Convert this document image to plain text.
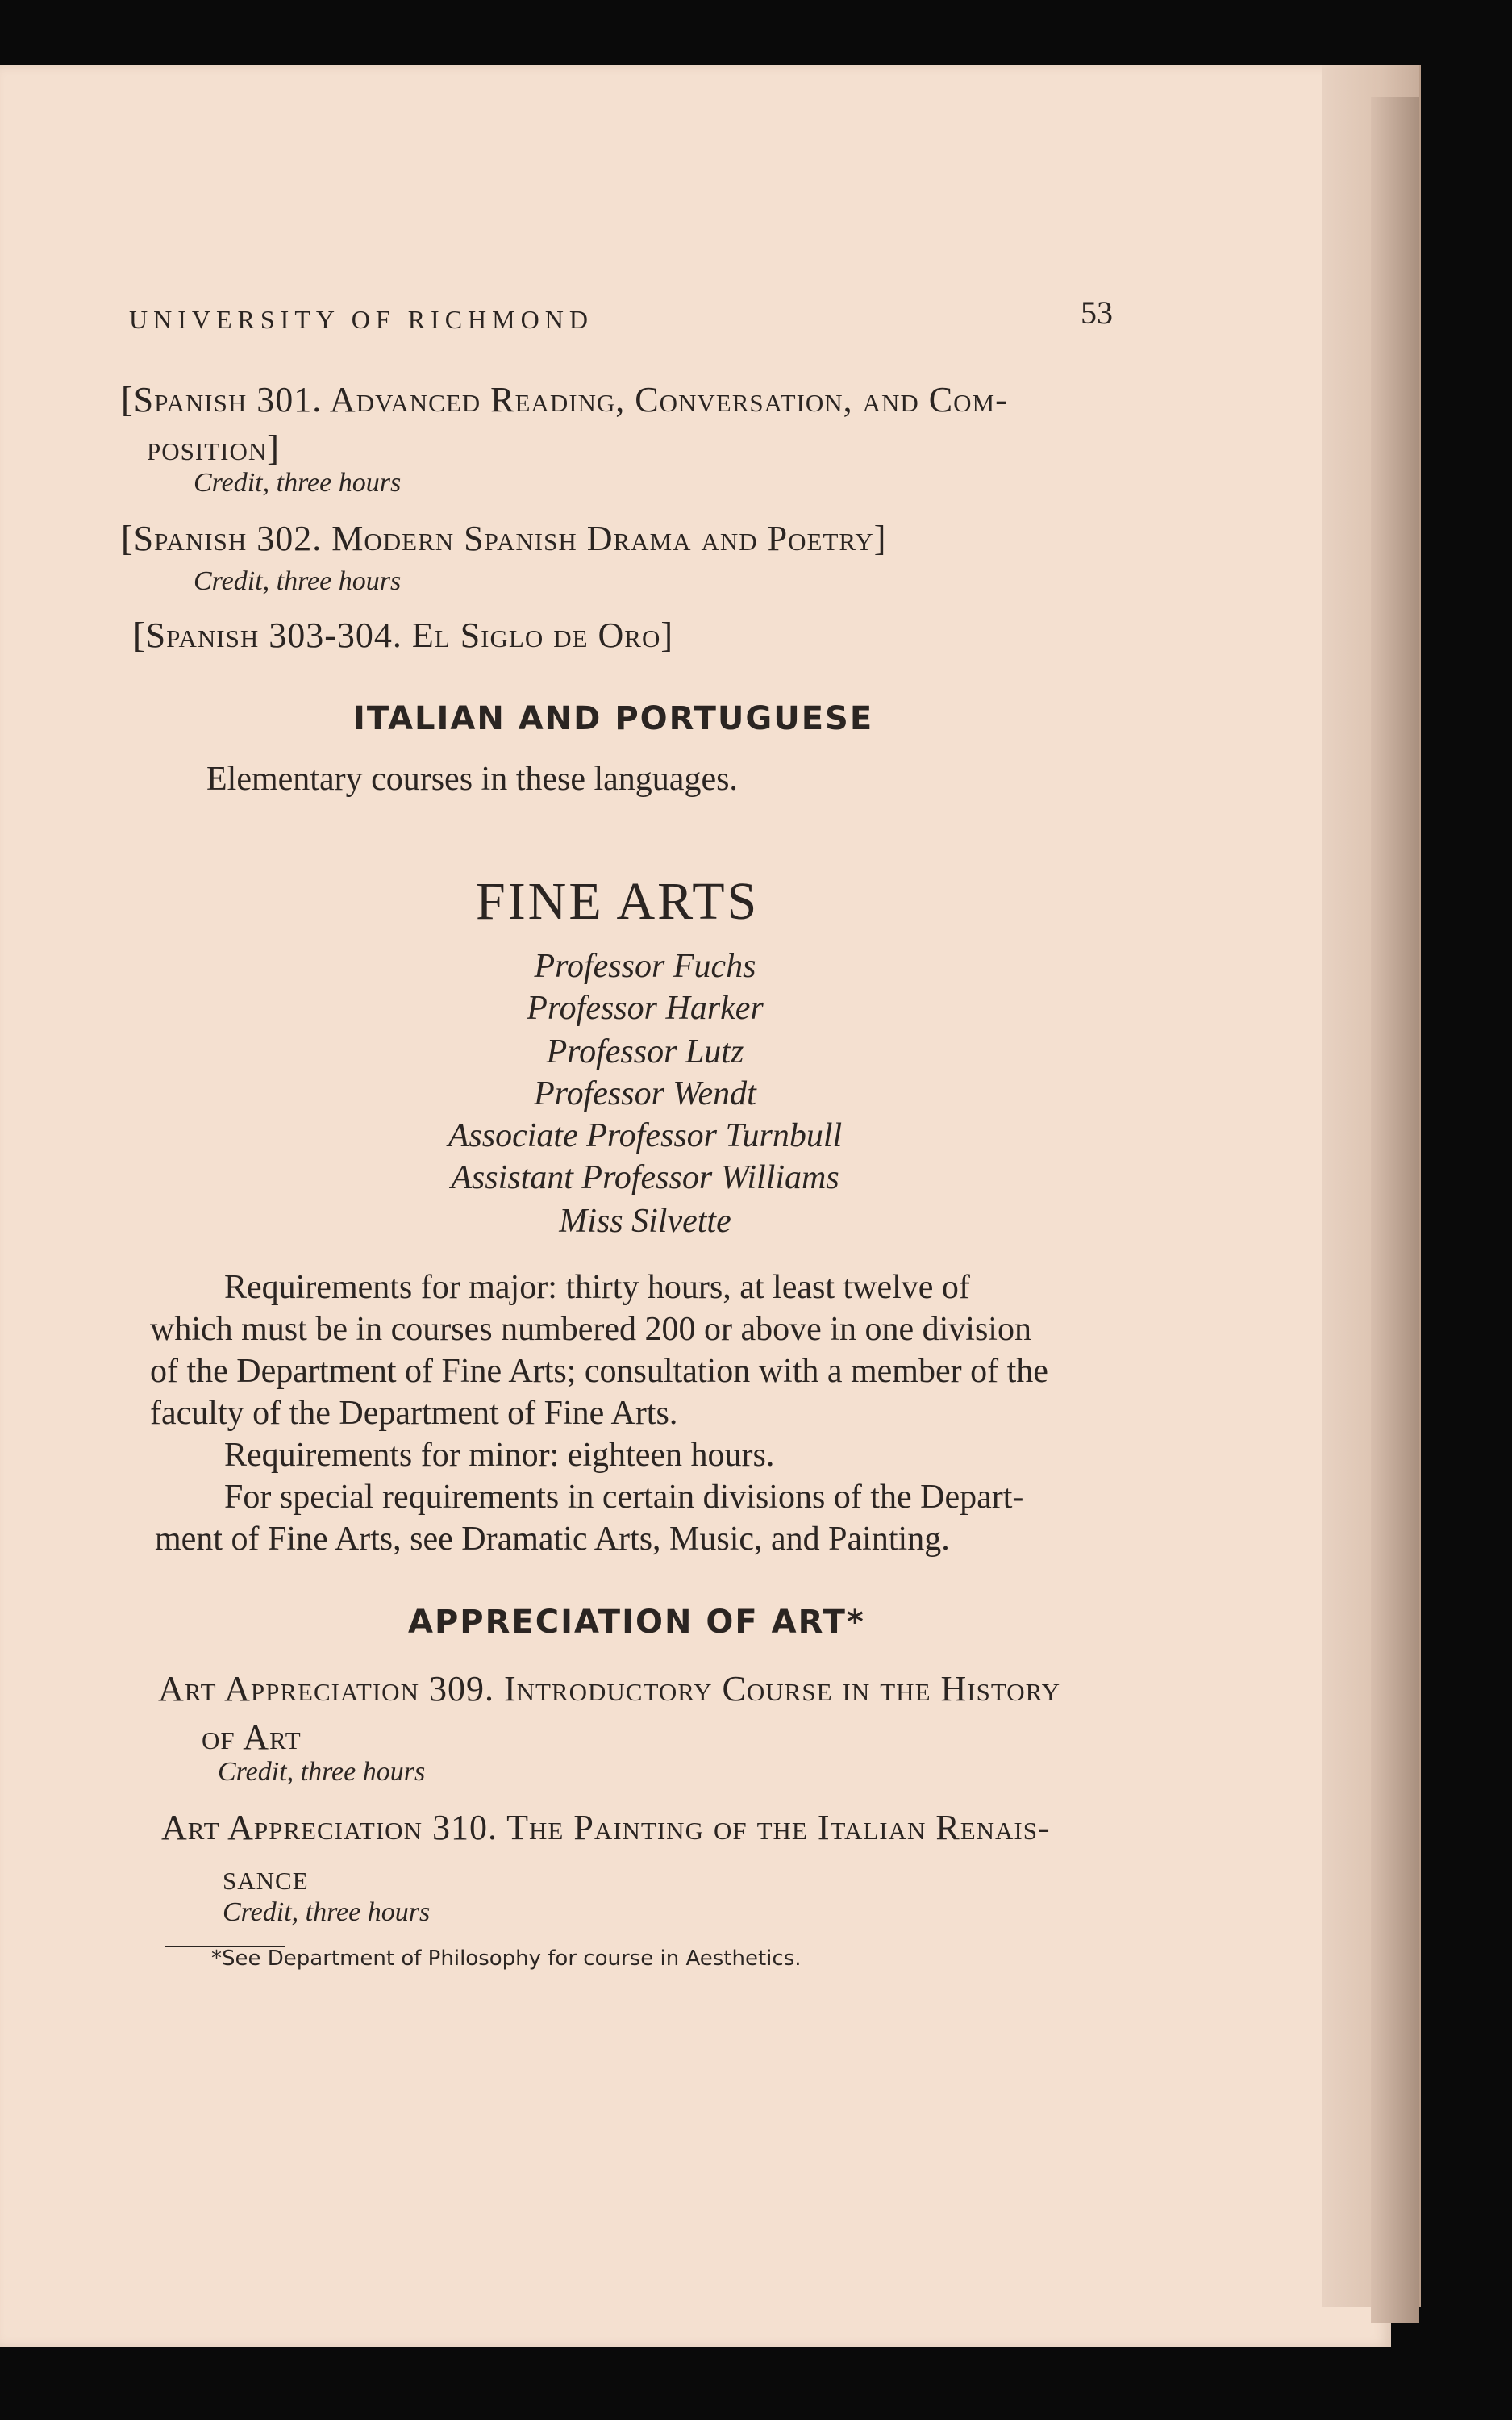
UNIVERSITY OF RICHMOND	53
[Spanish 301. Advanced Reading, Conversation, and Com-
position]
Credit, three hours
[Spanish 302. Modern Spanish Drama and Poetry]
Credit, three hours
[Spanish 303-304. El Siglo de Oro]
ITALIAN AND PORTUGUESE
Elementary courses in these languages.
FINE ARTS
Professor Fuchs
Professor Harker
Professor Lutz
Professor Wendt
Associate Professor Turnbull
Assistant Professor Williams
Miss Silvette
Requirements for major: thirty hours, at least twelve of
which must be in courses numbered 200 or above in one division
of the Department of Fine Arts; consultation with a member of the
faculty of the Department of Fine Arts.
Requirements for minor: eighteen hours.
For special requirements in certain divisions of the Depart-
ment of Fine Arts, see Dramatic Arts, Music, and Painting.
APPRECIATION OF ART*
Art Appreciation 309. Introductory Course in the History
of Art
Credit, three hours
Art Appreciation 310. The Painting of the Italian Renais-
sance
Credit, three hours
*See Department of Philosophy for course in Aesthetics.
